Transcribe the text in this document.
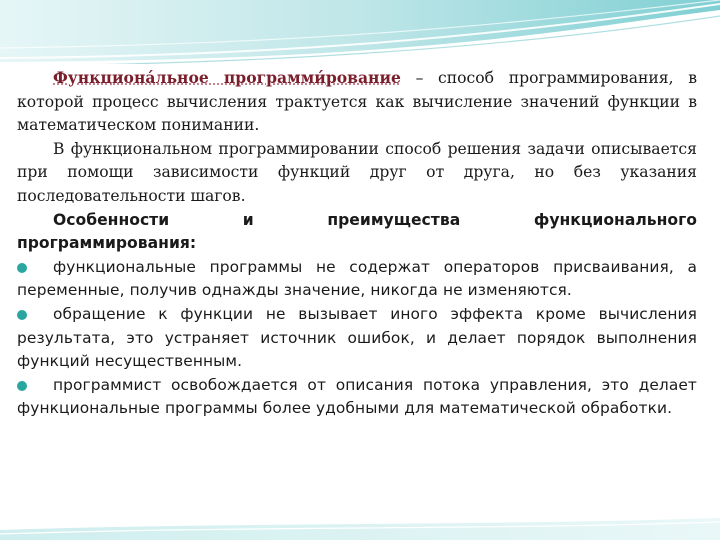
Функциона́льное программи́рование – способ программирования, в которой процесс вычисления трактуется как вычисление значений функции в математическом понимании.

В функциональном программировании способ решения задачи описывается при помощи зависимости функций друг от друга, но без указания последовательности шагов.

Особенности	и	преимущества	функционального
программирования:

функциональные программы не содержат операторов присваивания, а переменные, получив однажды значение, никогда не изменяются.

обращение к функции не вызывает иного эффекта кроме вычисления результата, это устраняет источник ошибок, и делает порядок выполнения функций несущественным.

программист освобождается от описания потока управления, это делает функциональные программы более удобными для математической обработки.
